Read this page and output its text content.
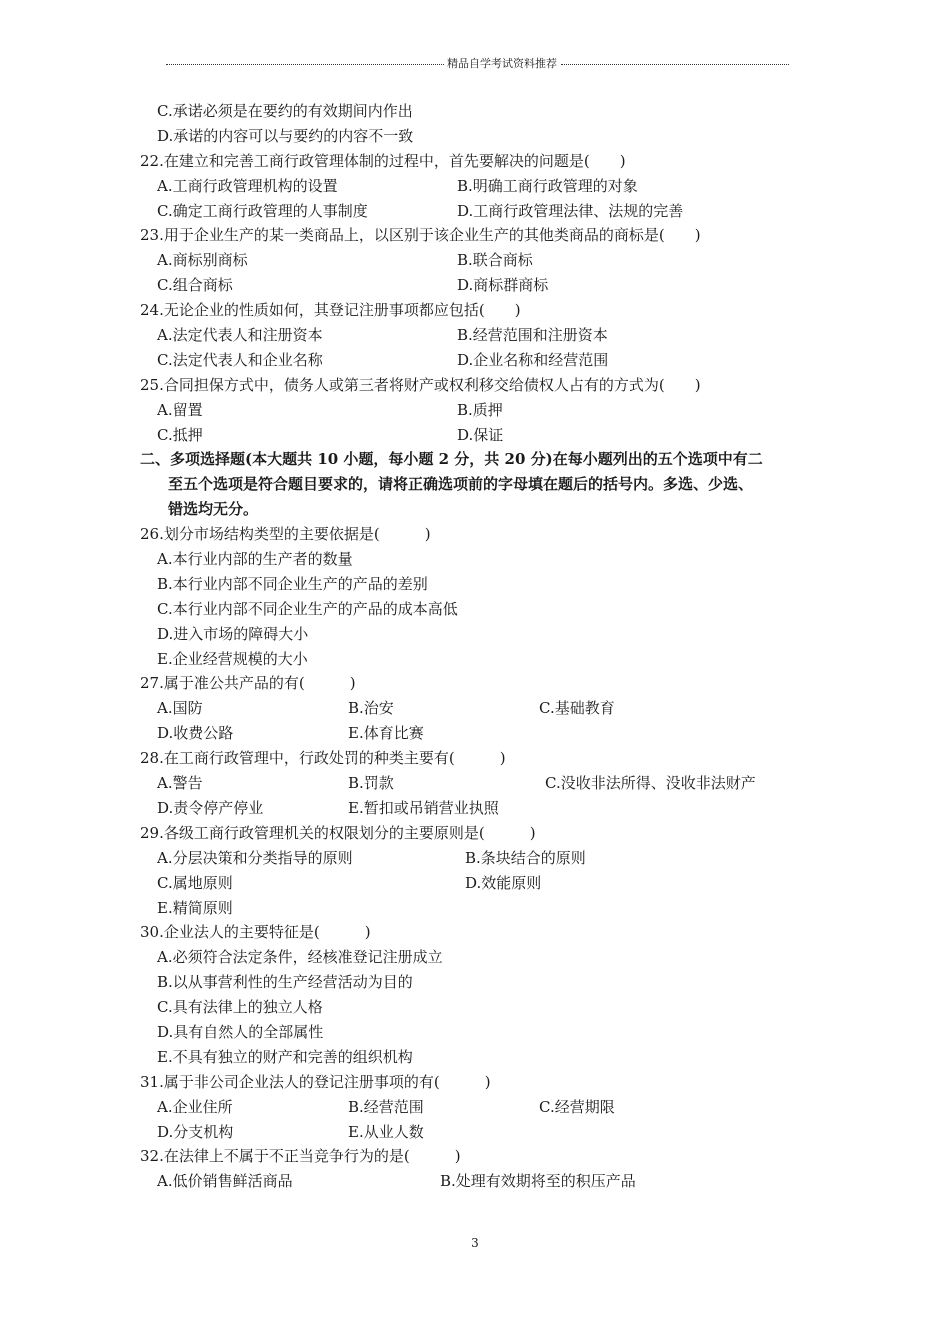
精品自学考试资料推荐
C.承诺必须是在要约的有效期间内作出
D.承诺的内容可以与要约的内容不一致
22.在建立和完善工商行政管理体制的过程中，首先要解决的问题是(　　)
A.工商行政管理机构的设置	B.明确工商行政管理的对象
C.确定工商行政管理的人事制度	D.工商行政管理法律、法规的完善
23.用于企业生产的某一类商品上，以区别于该企业生产的其他类商品的商标是(　　)
A.商标别商标	B.联合商标
C.组合商标	D.商标群商标
24.无论企业的性质如何，其登记注册事项都应包括(　　)
A.法定代表人和注册资本	B.经营范围和注册资本
C.法定代表人和企业名称	D.企业名称和经营范围
25.合同担保方式中，债务人或第三者将财产或权利移交给债权人占有的方式为(　　)
A.留置	B.质押
C.抵押	D.保证
二、多项选择题(本大题共 10 小题，每小题 2 分，共 20 分)在每小题列出的五个选项中有二
至五个选项是符合题目要求的，请将正确选项前的字母填在题后的括号内。多选、少选、
错选均无分。
26.划分市场结构类型的主要依据是(　　　)
A.本行业内部的生产者的数量
B.本行业内部不同企业生产的产品的差别
C.本行业内部不同企业生产的产品的成本高低
D.进入市场的障碍大小
E.企业经营规模的大小
27.属于准公共产品的有(　　　)
A.国防	B.治安	C.基础教育
D.收费公路	E.体育比赛
28.在工商行政管理中，行政处罚的种类主要有(　　　)
A.警告	B.罚款	C.没收非法所得、没收非法财产
D.责令停产停业	E.暂扣或吊销营业执照
29.各级工商行政管理机关的权限划分的主要原则是(　　　)
A.分层决策和分类指导的原则	B.条块结合的原则
C.属地原则	D.效能原则
E.精简原则
30.企业法人的主要特征是(　　　)
A.必须符合法定条件，经核准登记注册成立
B.以从事营利性的生产经营活动为目的
C.具有法律上的独立人格
D.具有自然人的全部属性
E.不具有独立的财产和完善的组织机构
31.属于非公司企业法人的登记注册事项的有(　　　)
A.企业住所	B.经营范围	C.经营期限
D.分支机构	E.从业人数
32.在法律上不属于不正当竞争行为的是(　　　)
A.低价销售鲜活商品	B.处理有效期将至的积压产品
3
